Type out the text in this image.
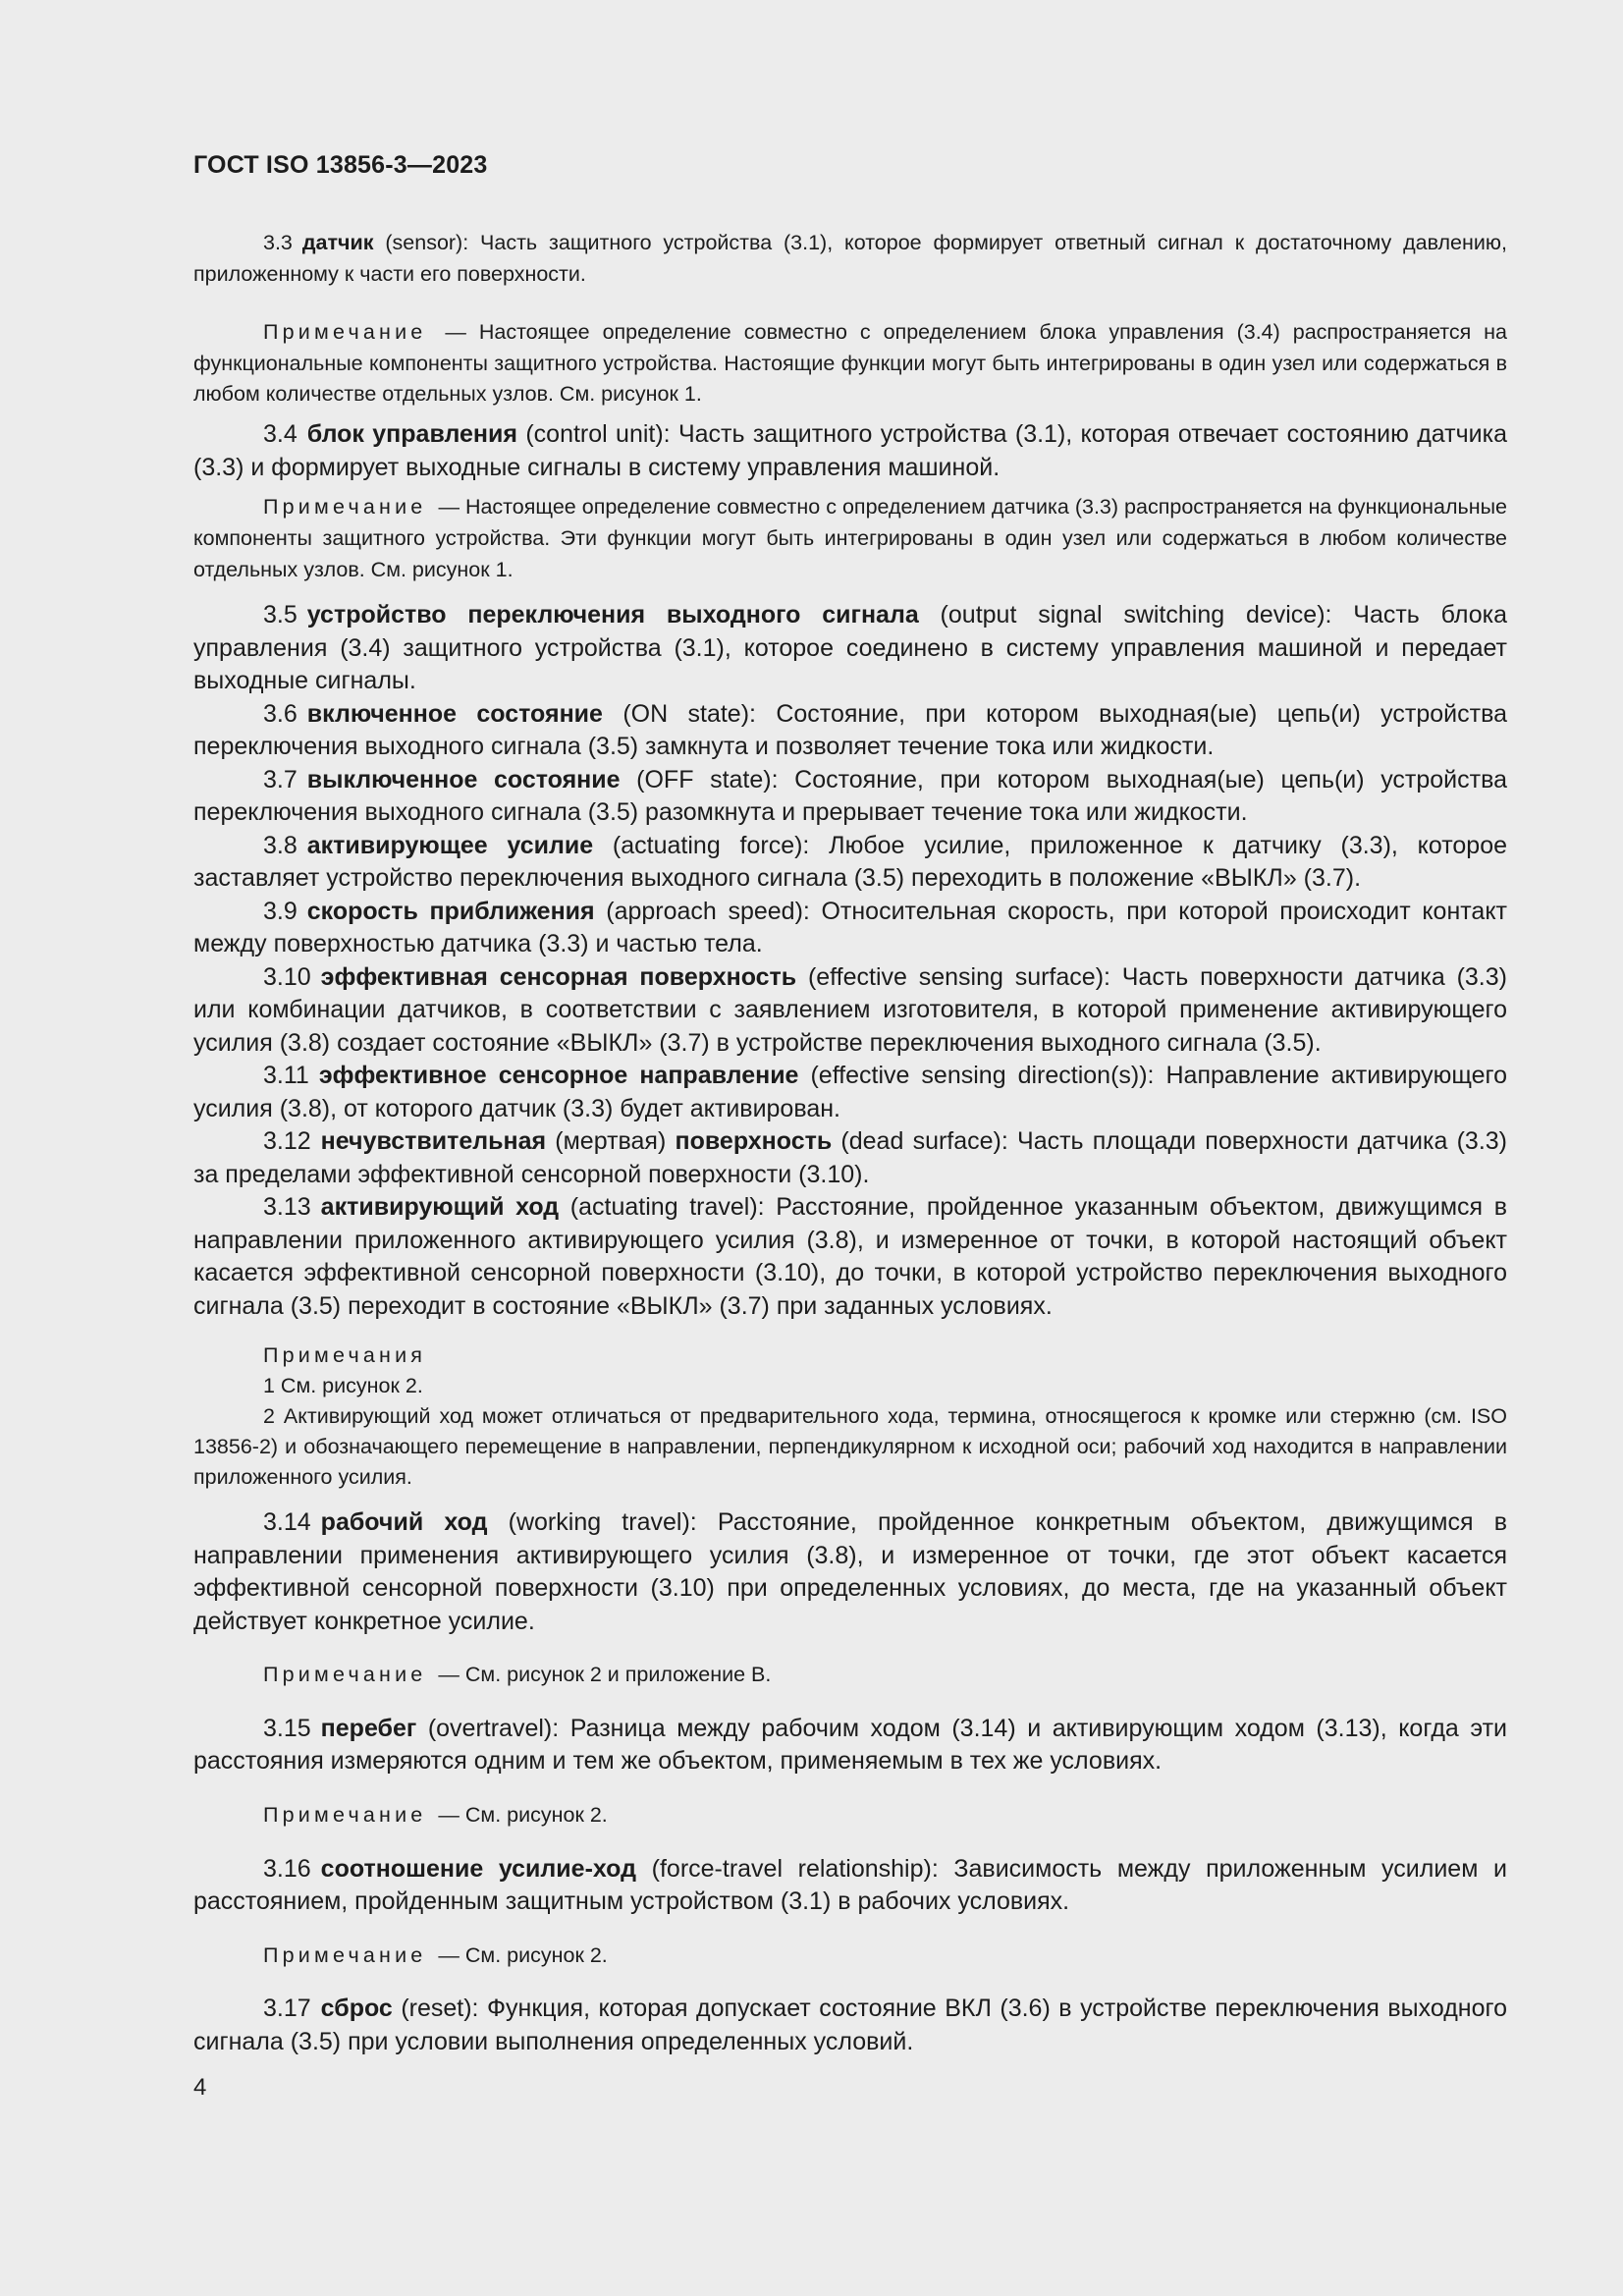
ГОСТ ISO 13856-3—2023

3.3 датчик (sensor): Часть защитного устройства (3.1), которое формирует ответный сигнал к достаточному давлению, приложенному к части его поверхности.

Примечание — Настоящее определение совместно с определением блока управления (3.4) распространяется на функциональные компоненты защитного устройства. Настоящие функции могут быть интегрированы в один узел или содержаться в любом количестве отдельных узлов. См. рисунок 1.

3.4 блок управления (control unit): Часть защитного устройства (3.1), которая отвечает состоянию датчика (3.3) и формирует выходные сигналы в систему управления машиной.

Примечание — Настоящее определение совместно с определением датчика (3.3) распространяется на функциональные компоненты защитного устройства. Эти функции могут быть интегрированы в один узел или содержаться в любом количестве отдельных узлов. См. рисунок 1.

3.5 устройство переключения выходного сигнала (output signal switching device): Часть блока управления (3.4) защитного устройства (3.1), которое соединено в систему управления машиной и передает выходные сигналы.

3.6 включенное состояние (ON state): Состояние, при котором выходная(ые) цепь(и) устройства переключения выходного сигнала (3.5) замкнута и позволяет течение тока или жидкости.

3.7 выключенное состояние (OFF state): Состояние, при котором выходная(ые) цепь(и) устройства переключения выходного сигнала (3.5) разомкнута и прерывает течение тока или жидкости.

3.8 активирующее усилие (actuating force): Любое усилие, приложенное к датчику (3.3), которое заставляет устройство переключения выходного сигнала (3.5) переходить в положение «ВЫКЛ» (3.7).

3.9 скорость приближения (approach speed): Относительная скорость, при которой происходит контакт между поверхностью датчика (3.3) и частью тела.

3.10 эффективная сенсорная поверхность (effective sensing surface): Часть поверхности датчика (3.3) или комбинации датчиков, в соответствии с заявлением изготовителя, в которой применение активирующего усилия (3.8) создает состояние «ВЫКЛ» (3.7) в устройстве переключения выходного сигнала (3.5).

3.11 эффективное сенсорное направление (effective sensing direction(s)): Направление активирующего усилия (3.8), от которого датчик (3.3) будет активирован.

3.12 нечувствительная (мертвая) поверхность (dead surface): Часть площади поверхности датчика (3.3) за пределами эффективной сенсорной поверхности (3.10).

3.13 активирующий ход (actuating travel): Расстояние, пройденное указанным объектом, движущимся в направлении приложенного активирующего усилия (3.8), и измеренное от точки, в которой настоящий объект касается эффективной сенсорной поверхности (3.10), до точки, в которой устройство переключения выходного сигнала (3.5) переходит в состояние «ВЫКЛ» (3.7) при заданных условиях.

Примечания

1 См. рисунок 2.

2 Активирующий ход может отличаться от предварительного хода, термина, относящегося к кромке или стержню (см. ISO 13856-2) и обозначающего перемещение в направлении, перпендикулярном к исходной оси; рабочий ход находится в направлении приложенного усилия.

3.14 рабочий ход (working travel): Расстояние, пройденное конкретным объектом, движущимся в направлении применения активирующего усилия (3.8), и измеренное от точки, где этот объект касается эффективной сенсорной поверхности (3.10) при определенных условиях, до места, где на указанный объект действует конкретное усилие.

Примечание — См. рисунок 2 и приложение В.

3.15 перебег (overtravel): Разница между рабочим ходом (3.14) и активирующим ходом (3.13), когда эти расстояния измеряются одним и тем же объектом, применяемым в тех же условиях.

Примечание — См. рисунок 2.

3.16 соотношение усилие-ход (force-travel relationship): Зависимость между приложенным усилием и расстоянием, пройденным защитным устройством (3.1) в рабочих условиях.

Примечание — См. рисунок 2.

3.17 сброс (reset): Функция, которая допускает состояние ВКЛ (3.6) в устройстве переключения выходного сигнала (3.5) при условии выполнения определенных условий.

4
